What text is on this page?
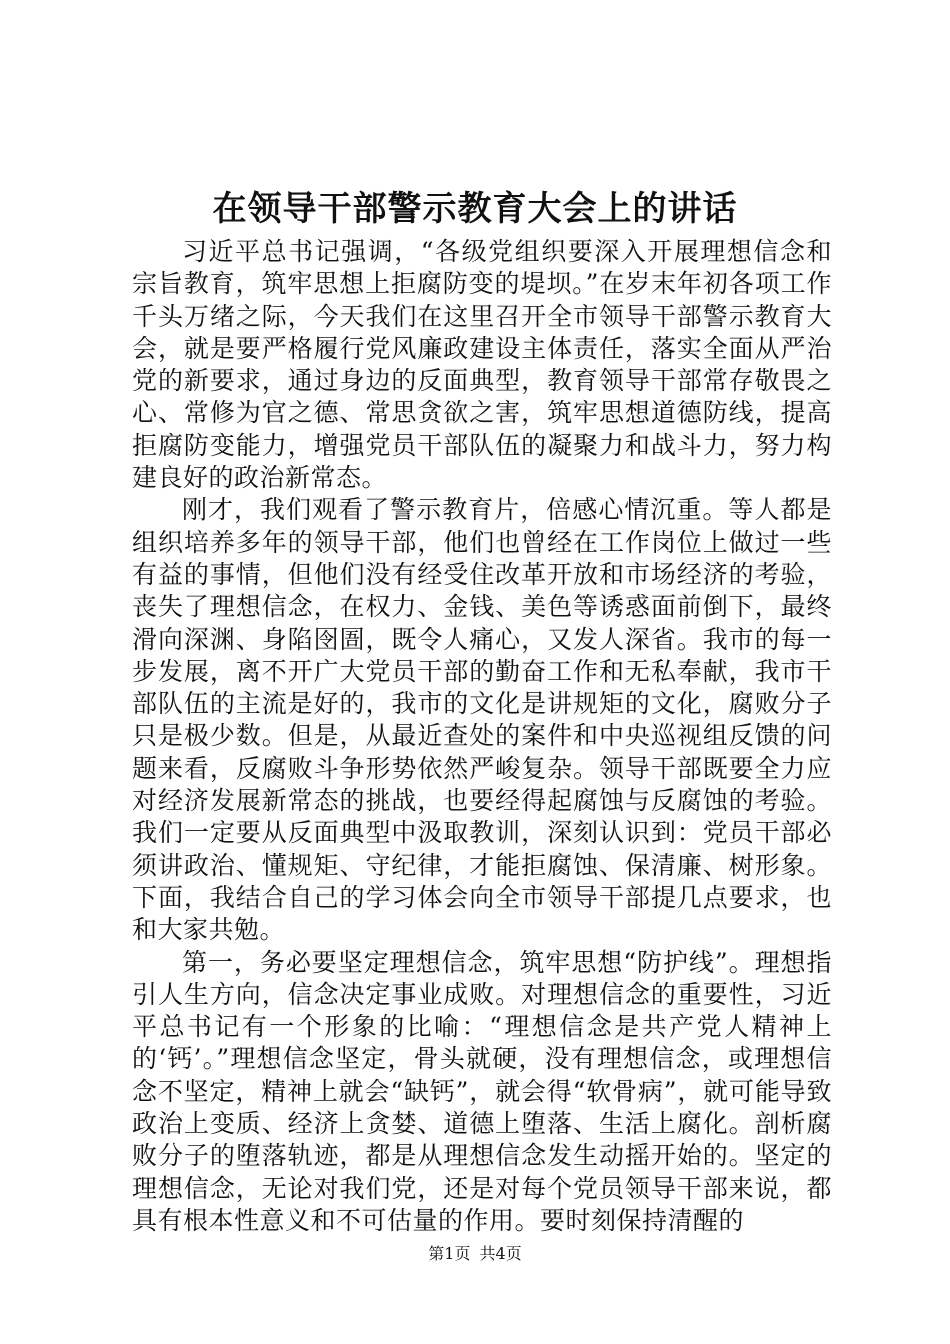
在领导干部警示教育大会上的讲话

习近平总书记强调，“各级党组织要深入开展理想信念和宗旨教育，筑牢思想上拒腐防变的堤坝。”在岁末年初各项工作千头万绪之际，今天我们在这里召开全市领导干部警示教育大会，就是要严格履行党风廉政建设主体责任，落实全面从严治党的新要求，通过身边的反面典型，教育领导干部常存敬畏之心、常修为官之德、常思贪欲之害，筑牢思想道德防线，提高拒腐防变能力，增强党员干部队伍的凝聚力和战斗力，努力构建良好的政治新常态。

刚才，我们观看了警示教育片，倍感心情沉重。等人都是组织培养多年的领导干部，他们也曾经在工作岗位上做过一些有益的事情，但他们没有经受住改革开放和市场经济的考验，丧失了理想信念，在权力、金钱、美色等诱惑面前倒下，最终滑向深渊、身陷囹圄，既令人痛心，又发人深省。我市的每一步发展，离不开广大党员干部的勤奋工作和无私奉献，我市干部队伍的主流是好的，我市的文化是讲规矩的文化，腐败分子只是极少数。但是，从最近查处的案件和中央巡视组反馈的问题来看，反腐败斗争形势依然严峻复杂。领导干部既要全力应对经济发展新常态的挑战，也要经得起腐蚀与反腐蚀的考验。我们一定要从反面典型中汲取教训，深刻认识到：党员干部必须讲政治、懂规矩、守纪律，才能拒腐蚀、保清廉、树形象。下面，我结合自己的学习体会向全市领导干部提几点要求，也和大家共勉。

第一，务必要坚定理想信念，筑牢思想“防护线”。理想指引人生方向，信念决定事业成败。对理想信念的重要性，习近平总书记有一个形象的比喻：“理想信念是共产党人精神上的‘钙’。”理想信念坚定，骨头就硬，没有理想信念，或理想信念不坚定，精神上就会“缺钙”，就会得“软骨病”，就可能导致政治上变质、经济上贪婪、道德上堕落、生活上腐化。剖析腐败分子的堕落轨迹，都是从理想信念发生动摇开始的。坚定的理想信念，无论对我们党，还是对每个党员领导干部来说，都具有根本性意义和不可估量的作用。要时刻保持清醒的

第1页 共4页
